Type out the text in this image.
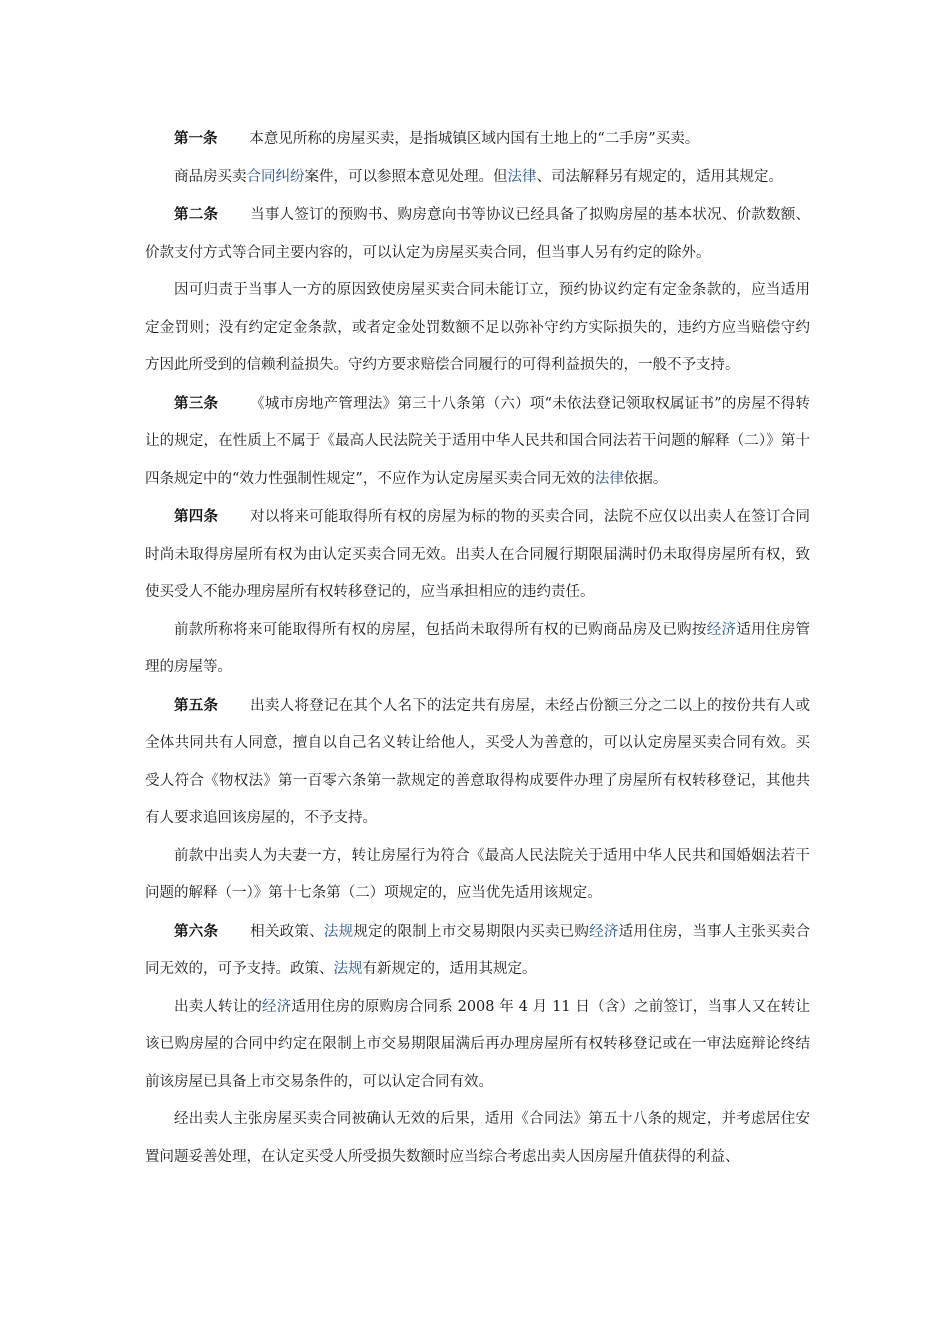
第一条 本意见所称的房屋买卖，是指城镇区域内国有土地上的“二手房”买卖。

商品房买卖合同纠纷案件，可以参照本意见处理。但法律、司法解释另有规定的，适用其规定。

第二条 当事人签订的预购书、购房意向书等协议已经具备了拟购房屋的基本状况、价款数额、价款支付方式等合同主要内容的，可以认定为房屋买卖合同，但当事人另有约定的除外。

因可归责于当事人一方的原因致使房屋买卖合同未能订立，预约协议约定有定金条款的，应当适用定金罚则；没有约定定金条款，或者定金处罚数额不足以弥补守约方实际损失的，违约方应当赔偿守约方因此所受到的信赖利益损失。守约方要求赔偿合同履行的可得利益损失的，一般不予支持。

第三条 《城市房地产管理法》第三十八条第（六）项“未依法登记领取权属证书”的房屋不得转让的规定，在性质上不属于《最高人民法院关于适用中华人民共和国合同法若干问题的解释（二）》第十四条规定中的“效力性强制性规定”，不应作为认定房屋买卖合同无效的法律依据。

第四条 对以将来可能取得所有权的房屋为标的物的买卖合同，法院不应仅以出卖人在签订合同时尚未取得房屋所有权为由认定买卖合同无效。出卖人在合同履行期限届满时仍未取得房屋所有权，致使买受人不能办理房屋所有权转移登记的，应当承担相应的违约责任。

前款所称将来可能取得所有权的房屋，包括尚未取得所有权的已购商品房及已购按经济适用住房管理的房屋等。

第五条 出卖人将登记在其个人名下的法定共有房屋，未经占份额三分之二以上的按份共有人或全体共同共有人同意，擅自以自己名义转让给他人，买受人为善意的，可以认定房屋买卖合同有效。买受人符合《物权法》第一百零六条第一款规定的善意取得构成要件办理了房屋所有权转移登记，其他共有人要求追回该房屋的，不予支持。

前款中出卖人为夫妻一方，转让房屋行为符合《最高人民法院关于适用中华人民共和国婚姻法若干问题的解释（一）》第十七条第（二）项规定的，应当优先适用该规定。

第六条 相关政策、法规规定的限制上市交易期限内买卖已购经济适用住房，当事人主张买卖合同无效的，可予支持。政策、法规有新规定的，适用其规定。

出卖人转让的经济适用住房的原购房合同系 2008 年 4 月 11 日（含）之前签订，当事人又在转让该已购房屋的合同中约定在限制上市交易期限届满后再办理房屋所有权转移登记或在一审法庭辩论终结前该房屋已具备上市交易条件的，可以认定合同有效。

经出卖人主张房屋买卖合同被确认无效的后果，适用《合同法》第五十八条的规定，并考虑居住安置问题妥善处理，在认定买受人所受损失数额时应当综合考虑出卖人因房屋升值获得的利益、
